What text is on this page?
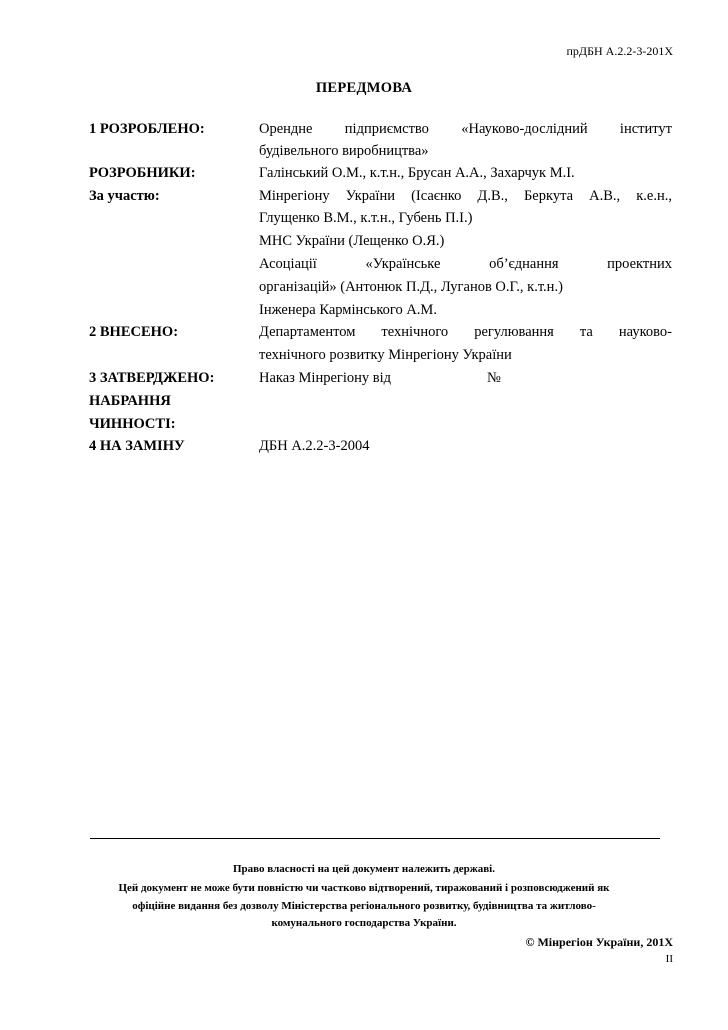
прДБН А.2.2-3-201Х
ПЕРЕДМОВА
1 РОЗРОБЛЕНО:	Орендне підприємство «Науково-дослідний інститут
будівельного виробництва»
РОЗРОБНИКИ:	Галінський О.М., к.т.н., Брусан А.А., Захарчук М.І.
За участю:	Мінрегіону України (Ісаєнко Д.В., Беркута А.В., к.е.н.,
Глущенко В.М., к.т.н., Губень П.І.)
МНС України (Лещенко О.Я.)
Асоціації «Українське об’єднання проектних
організацій» (Антонюк П.Д., Луганов О.Г., к.т.н.)
Інженера Кармінського А.М.
2 ВНЕСЕНО:	Департаментом технічного регулювання та науково-
технічного розвитку Мінрегіону України
3 ЗАТВЕРДЖЕНО:	Наказ Мінрегіону від	№
НАБРАННЯ
ЧИННОСТІ:
4 НА ЗАМІНУ	ДБН А.2.2-3-2004
Право власності на цей документ належить державі.
Цей документ не може бути повністю чи частково відтворений, тиражований і розповсюджений як
офіційне видання без дозволу Міністерства регіонального розвитку, будівництва та житлово-
комунального господарства України.
© Мінрегіон України, 201Х
II
